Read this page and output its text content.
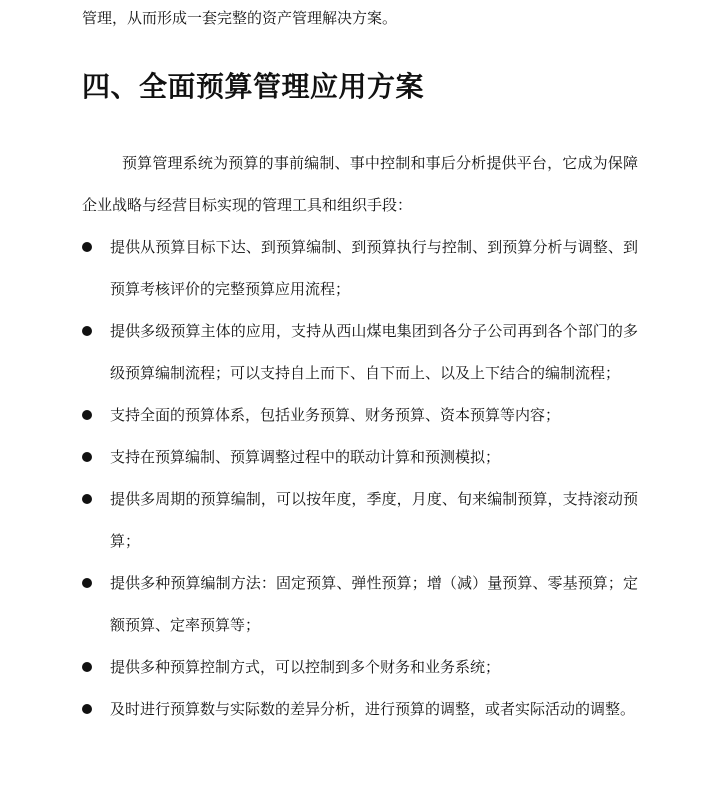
管理，从而形成一套完整的资产管理解决方案。
四、全面预算管理应用方案
预算管理系统为预算的事前编制、事中控制和事后分析提供平台，它成为保障企业战略与经营目标实现的管理工具和组织手段：
提供从预算目标下达、到预算编制、到预算执行与控制、到预算分析与调整、到预算考核评价的完整预算应用流程；
提供多级预算主体的应用，支持从西山煤电集团到各分子公司再到各个部门的多级预算编制流程；可以支持自上而下、自下而上、以及上下结合的编制流程；
支持全面的预算体系，包括业务预算、财务预算、资本预算等内容；
支持在预算编制、预算调整过程中的联动计算和预测模拟；
提供多周期的预算编制，可以按年度，季度，月度、旬来编制预算，支持滚动预算；
提供多种预算编制方法：固定预算、弹性预算；增（减）量预算、零基预算；定额预算、定率预算等；
提供多种预算控制方式，可以控制到多个财务和业务系统；
及时进行预算数与实际数的差异分析，进行预算的调整，或者实际活动的调整。
